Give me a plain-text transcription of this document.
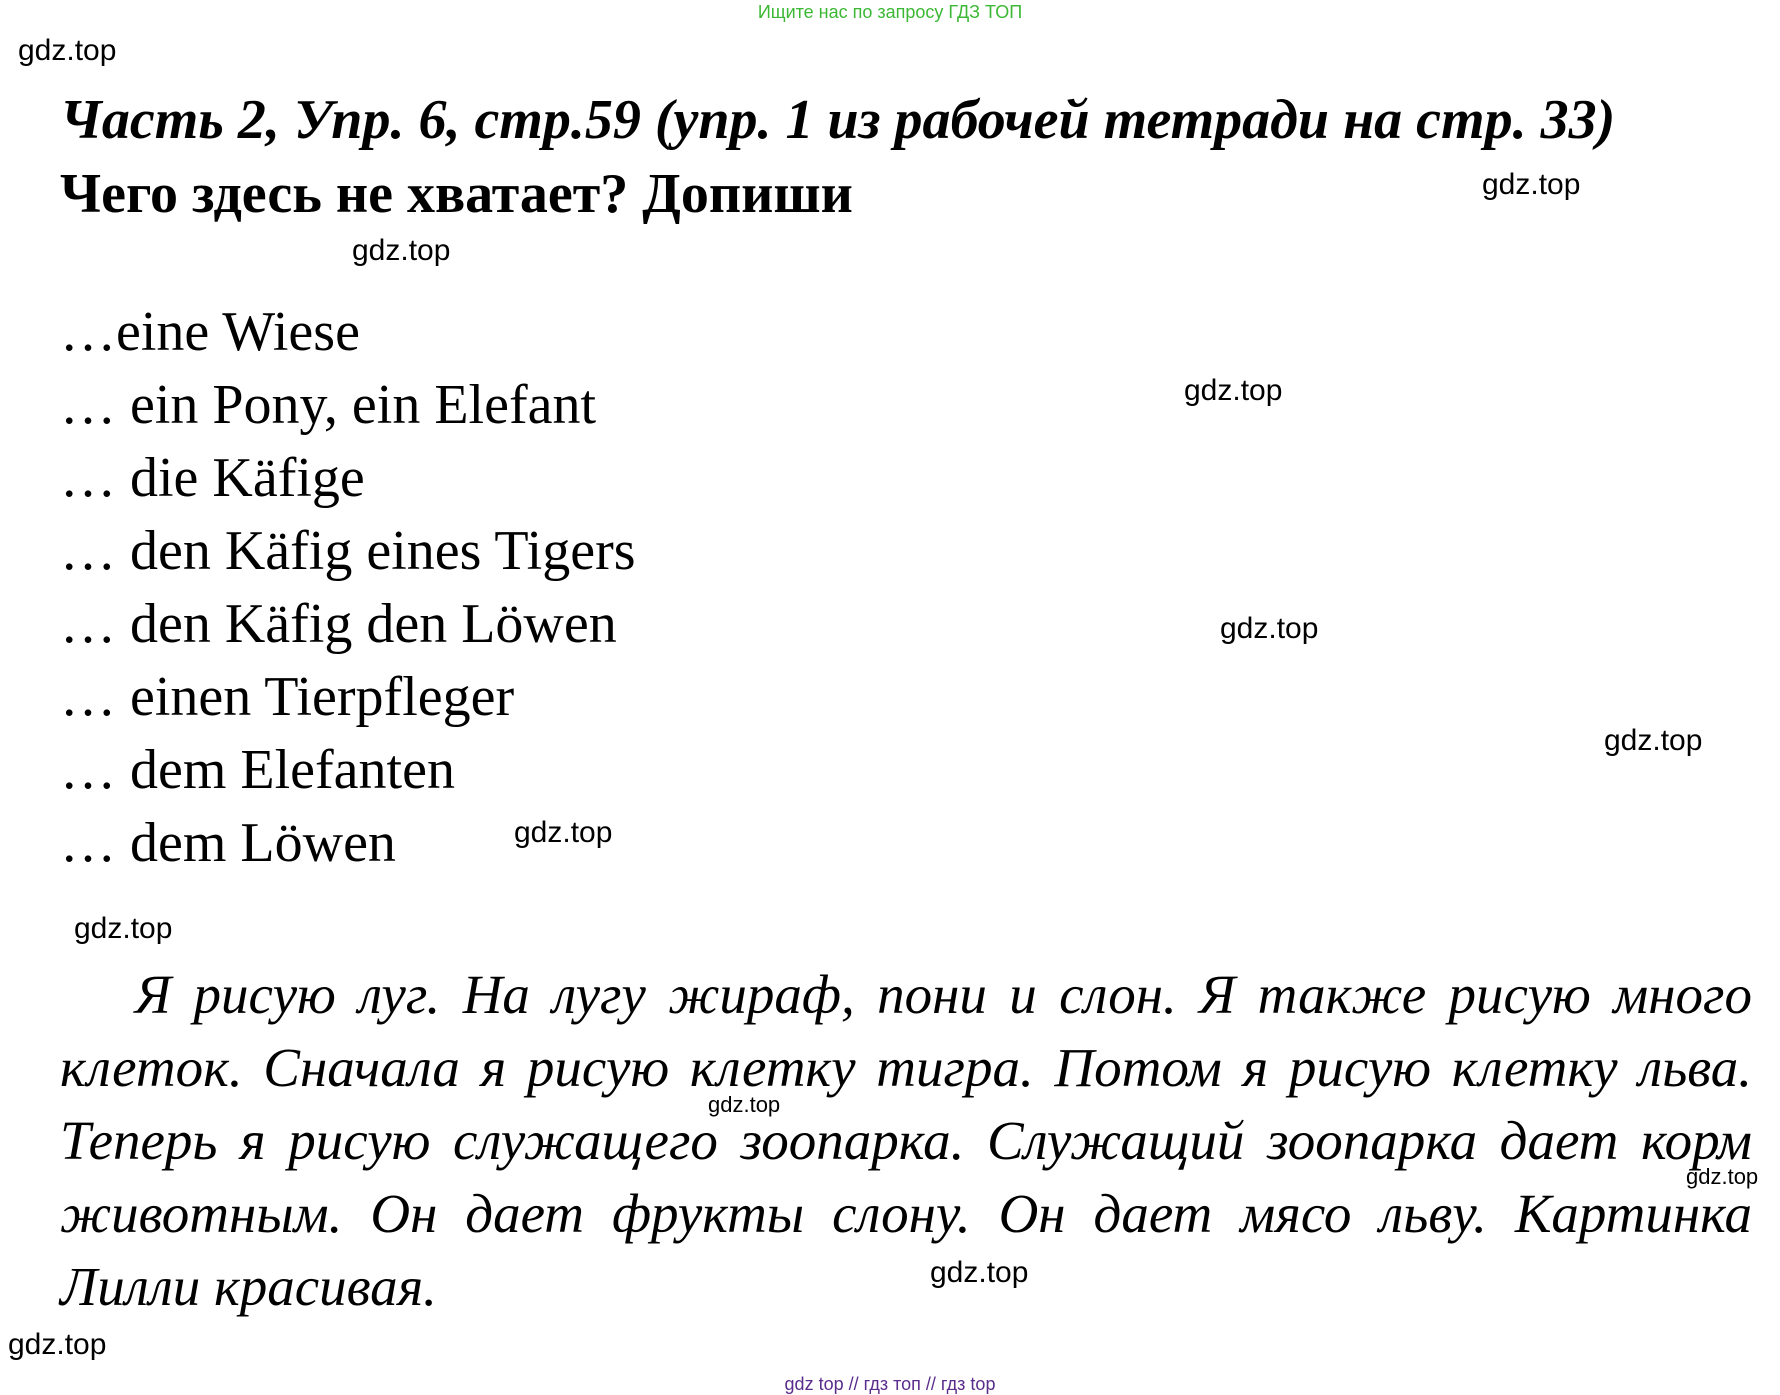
Ищите нас по запросу ГДЗ ТОП
gdz.top
Часть 2, Упр. 6, стр.59 (упр. 1 из рабочей тетради на стр. 33)
Чего здесь не хватает? Допиши	gdz.top
gdz.top
…eine Wiese
… ein Pony, ein Elefant
… die Käfige
… den Käfig eines Tigers
… den Käfig den Löwen
… einen Tierpfleger
… dem Elefanten
… dem Löwen
gdz.top
gdz.top
gdz.top
gdz.top
gdz.top

Я рисую луг. На лугу жираф, пони и слон. Я также рисую много клеток. Сначала я рисую клетку тигра. Потом я рисую клетку льва. Теперь я рисую служащего зоопарка. Служащий зоопарка дает корм животным. Он дает фрукты слону. Он дает мясо льву. Картинка Лилли красивая.

gdz.top
gdz.top
gdz.top
gdz.top
gdz top // гдз топ // гдз top
